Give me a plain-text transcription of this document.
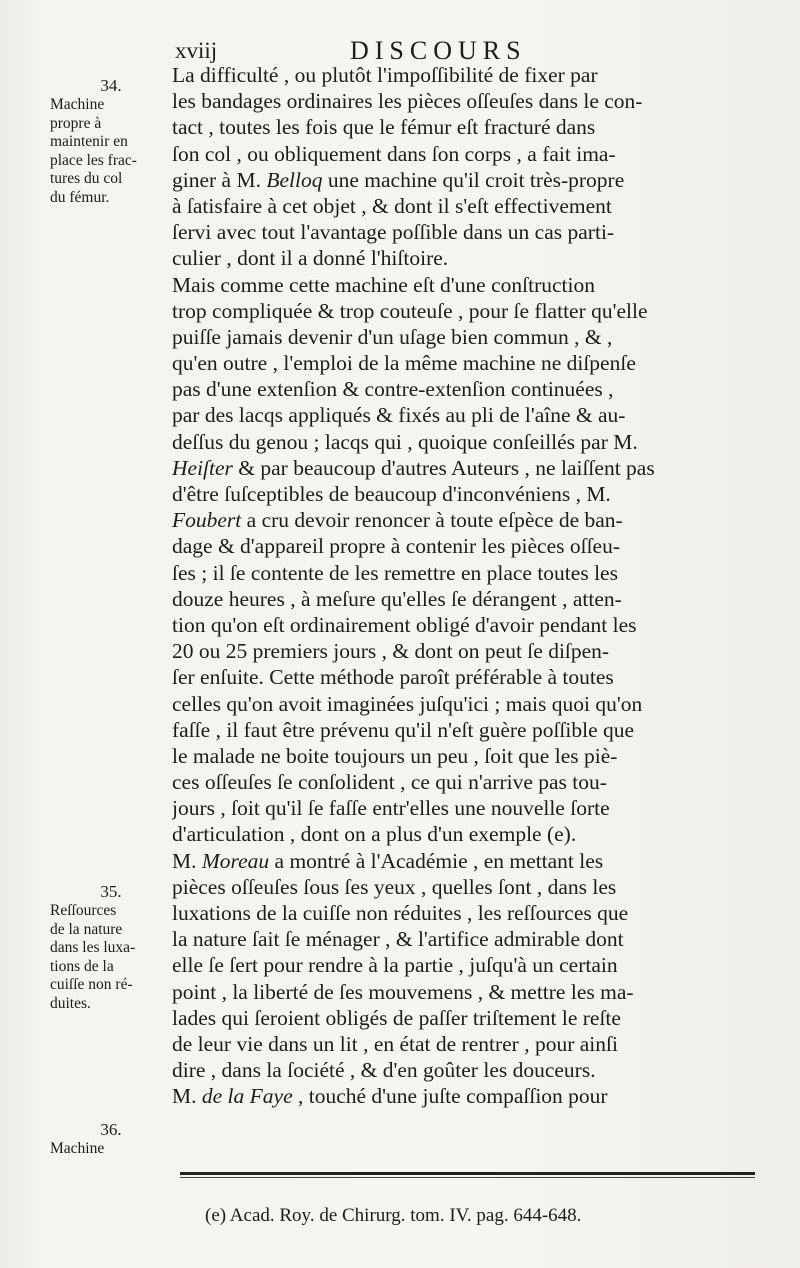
xviij	DISCOURS
La difficulté , ou plutôt l'impoſſibilité de fixer par
les bandages ordinaires les pièces oſſeuſes dans le con-
tact , toutes les fois que le fémur eſt fracturé dans
ſon col , ou obliquement dans ſon corps , a fait ima-
giner à M. Belloq une machine qu'il croit très-propre
à ſatisfaire à cet objet , & dont il s'eſt effectivement
ſervi avec tout l'avantage poſſible dans un cas parti-
culier , dont il a donné l'hiſtoire.
Mais comme cette machine eſt d'une conſtruction
trop compliquée & trop couteuſe , pour ſe flatter qu'elle
puiſſe jamais devenir d'un uſage bien commun , & ,
qu'en outre , l'emploi de la même machine ne diſpenſe
pas d'une extenſion & contre-extenſion continuées ,
par des lacqs appliqués & fixés au pli de l'aîne & au-
deſſus du genou ; lacqs qui , quoique conſeillés par M.
Heiſter & par beaucoup d'autres Auteurs , ne laiſſent pas
d'être ſuſceptibles de beaucoup d'inconvéniens , M.
Foubert a cru devoir renoncer à toute eſpèce de ban-
dage & d'appareil propre à contenir les pièces oſſeu-
ſes ; il ſe contente de les remettre en place toutes les
douze heures , à meſure qu'elles ſe dérangent , atten-
tion qu'on eſt ordinairement obligé d'avoir pendant les
20 ou 25 premiers jours , & dont on peut ſe diſpen-
ſer enſuite. Cette méthode paroît préférable à toutes
celles qu'on avoit imaginées juſqu'ici ; mais quoi qu'on
faſſe , il faut être prévenu qu'il n'eſt guère poſſible que
le malade ne boite toujours un peu , ſoit que les piè-
ces oſſeuſes ſe conſolident , ce qui n'arrive pas tou-
jours , ſoit qu'il ſe faſſe entr'elles une nouvelle ſorte
d'articulation , dont on a plus d'un exemple (e).
M. Moreau a montré à l'Académie , en mettant les
pièces oſſeuſes ſous ſes yeux , quelles ſont , dans les
luxations de la cuiſſe non réduites , les reſſources que
la nature ſait ſe ménager , & l'artifice admirable dont
elle ſe ſert pour rendre à la partie , juſqu'à un certain
point , la liberté de ſes mouvemens , & mettre les ma-
lades qui ſeroient obligés de paſſer triſtement le reſte
de leur vie dans un lit , en état de rentrer , pour ainſi
dire , dans la ſociété , & d'en goûter les douceurs.
M. de la Faye , touché d'une juſte compaſſion pour
34.
Machine
propre à
maintenir en
place les frac-
tures du col
du fémur.
35.
Reſſources
de la nature
dans les luxa-
tions de la
cuiſſe non ré-
duites.
36.
Machine
(e) Acad. Roy. de Chirurg. tom. IV. pag. 644-648.
